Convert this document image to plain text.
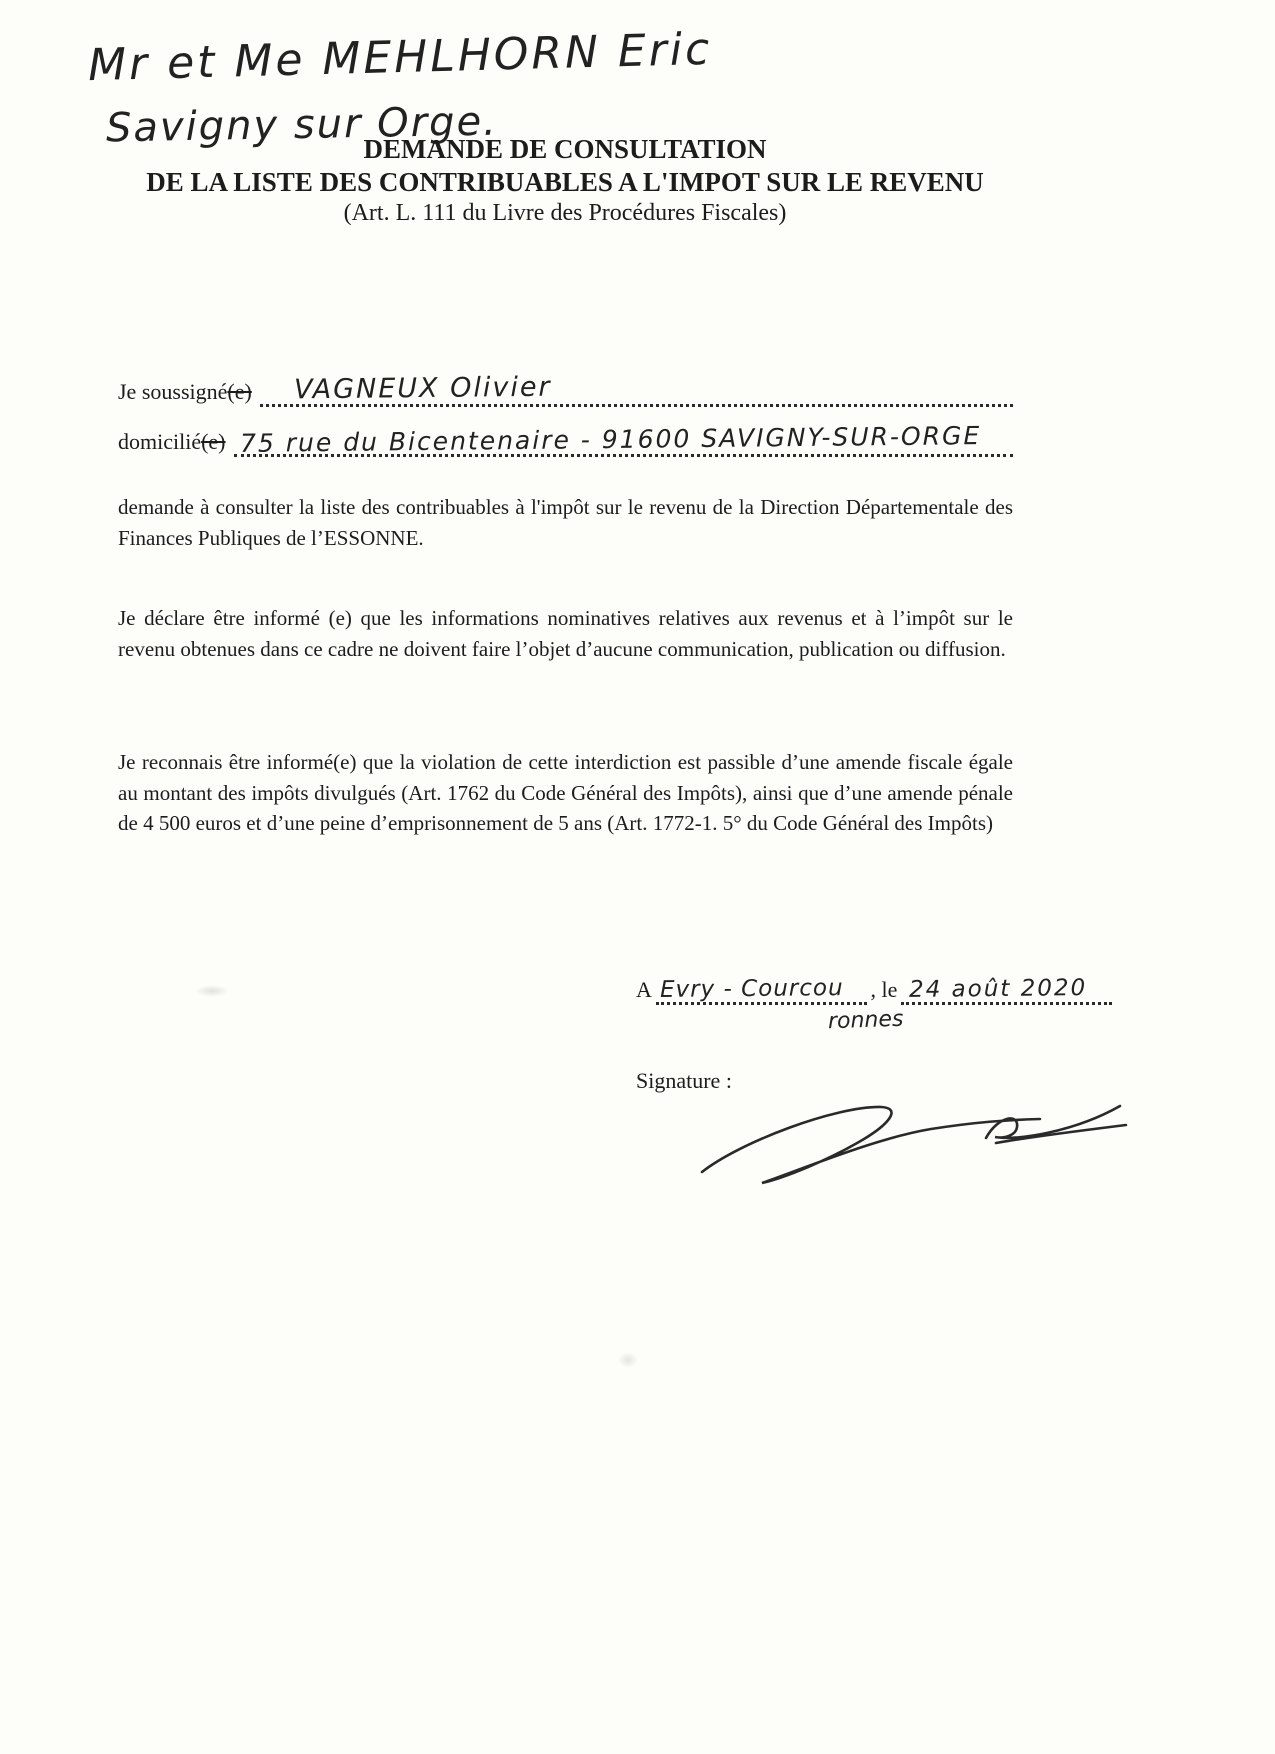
Mr et Me MEHLHORN Eric
Savigny sur Orge.
DEMANDE DE CONSULTATION
DE LA LISTE DES CONTRIBUABLES A L'IMPOT SUR LE REVENU
(Art. L. 111 du Livre des Procédures Fiscales)
Je soussigné(e) VAGNEUX Olivier
domicilié(e) 75 rue du Bicentenaire - 91600 SAVIGNY-SUR-ORGE
demande à consulter la liste des contribuables à l'impôt sur le revenu de la Direction Départementale des Finances Publiques de l’ESSONNE.
Je déclare être informé (e) que les informations nominatives relatives aux revenus et à l’impôt sur le revenu obtenues dans ce cadre ne doivent faire l’objet d’aucune communication, publication ou diffusion.
Je reconnais être informé(e) que la violation de cette interdiction est passible d’une amende fiscale égale au montant des impôts divulgués (Art. 1762 du Code Général des Impôts), ainsi que d’une amende pénale de 4 500 euros et d’une peine d’emprisonnement de 5 ans (Art. 1772-1. 5° du Code Général des Impôts)
A Evry - Courcou , le 24 août 2020
ronnes
Signature :
